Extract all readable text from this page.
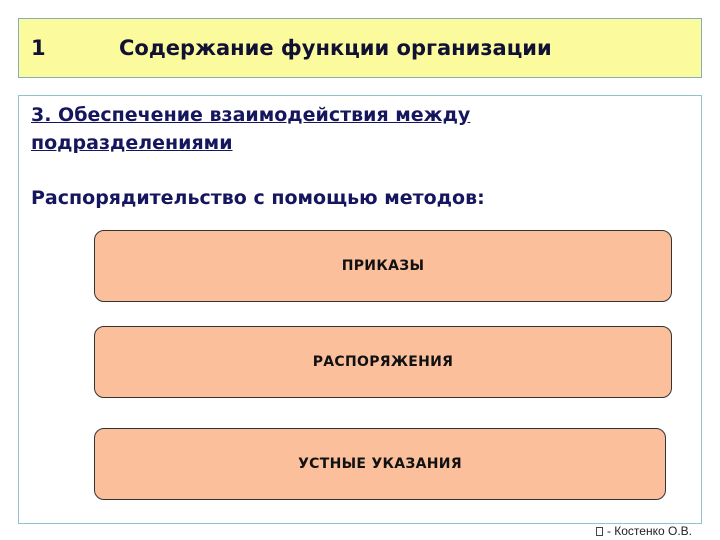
1	Содержание функции организации
3. Обеспечение взаимодействия между подразделениями
Распорядительство с помощью методов:
ПРИКАЗЫ
РАСПОРЯЖЕНИЯ
УСТНЫЕ УКАЗАНИЯ
- Костенко О.В.
